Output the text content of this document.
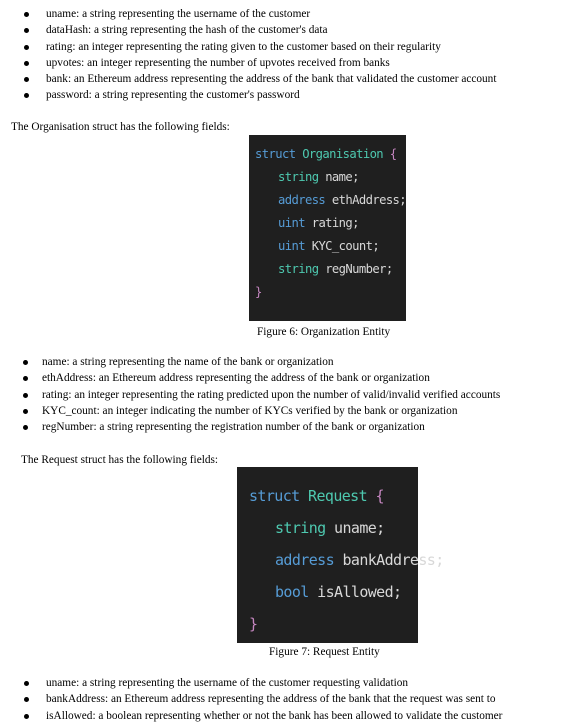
uname: a string representing the username of the customer
dataHash: a string representing the hash of the customer's data
rating: an integer representing the rating given to the customer based on their regularity
upvotes: an integer representing the number of upvotes received from banks
bank: an Ethereum address representing the address of the bank that validated the customer account
password: a string representing the customer's password
The Organisation struct has the following fields:
struct Organisation {
string name;
address ethAddress;
uint rating;
uint KYC_count;
string regNumber;
}
Figure 6: Organization Entity
name: a string representing the name of the bank or organization
ethAddress: an Ethereum address representing the address of the bank or organization
rating: an integer representing the rating predicted upon the number of valid/invalid verified accounts
KYC_count: an integer indicating the number of KYCs verified by the bank or organization
regNumber: a string representing the registration number of the bank or organization
The Request struct has the following fields:
struct Request {
string uname;
address bankAddress;
bool isAllowed;
}
Figure 7: Request Entity
uname: a string representing the username of the customer requesting validation
bankAddress: an Ethereum address representing the address of the bank that the request was sent to
isAllowed: a boolean representing whether or not the bank has been allowed to validate the customer
